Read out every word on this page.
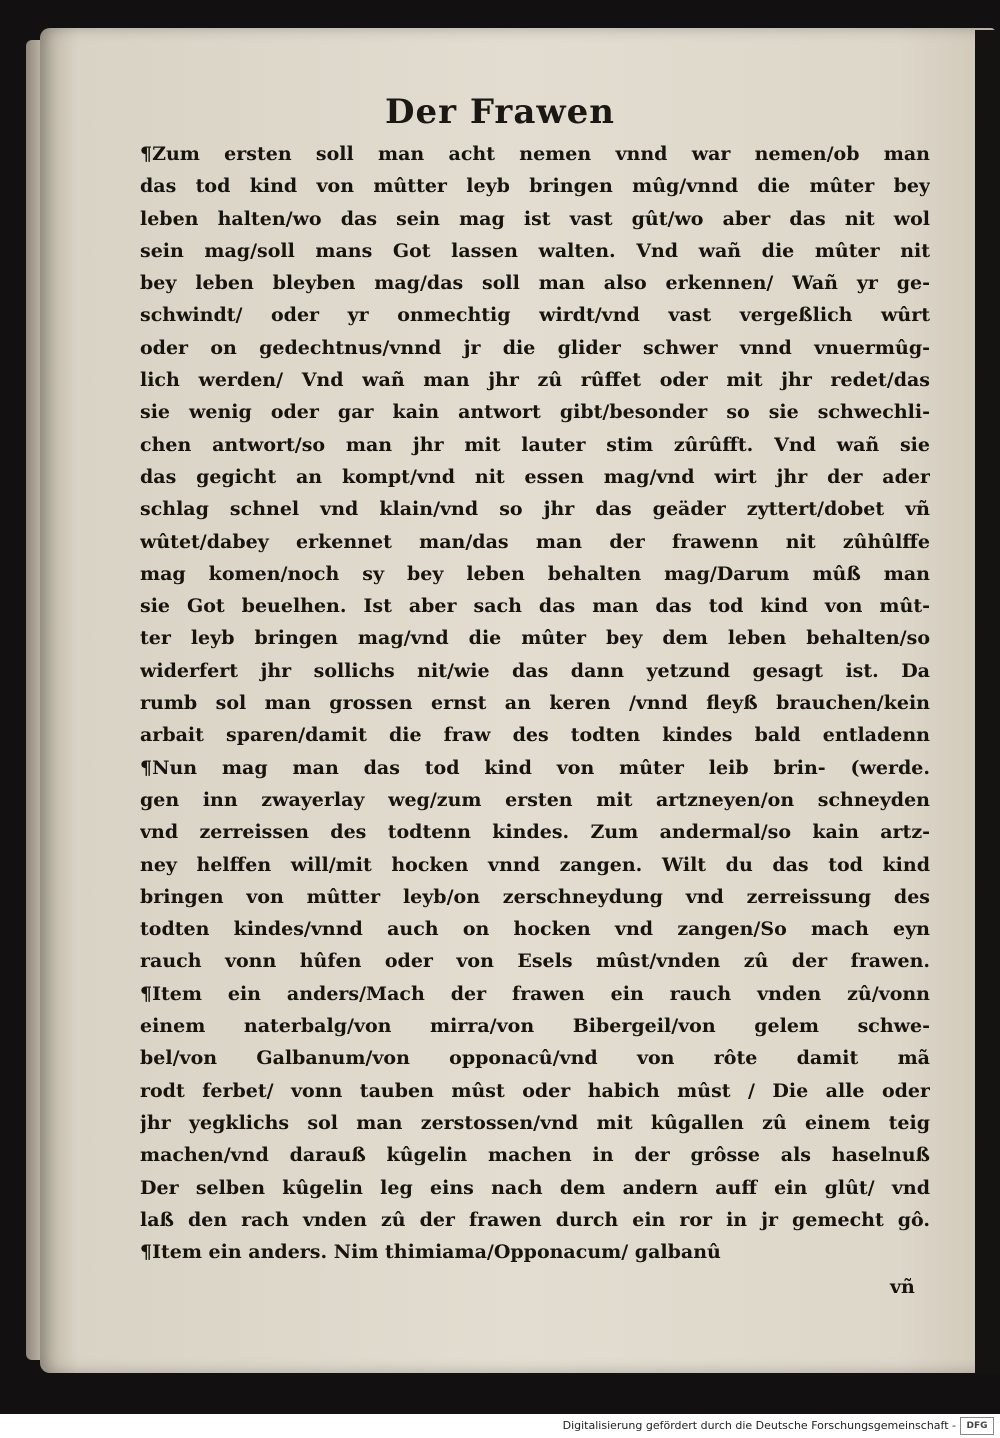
Der Frawen
¶Zum ersten soll man acht nemen vnnd war nemen/ob man
das tod kind von mûtter leyb bringen mûg/vnnd die mûter bey
leben halten/wo das sein mag ist vast gût/wo aber das nit wol
sein mag/soll mans Got lassen walten. Vnd wañ die mûter nit
bey leben bleyben mag/das soll man also erkennen/ Wañ yr ge-
schwindt/ oder yr onmechtig wirdt/vnd vast vergeßlich wûrt
oder on gedechtnus/vnnd jr die glider schwer vnnd vnuermûg-
lich werden/ Vnd wañ man jhr zû rûffet oder mit jhr redet/das
sie wenig oder gar kain antwort gibt/besonder so sie schwechli-
chen antwort/so man jhr mit lauter stim zûrûfft. Vnd wañ sie
das gegicht an kompt/vnd nit essen mag/vnd wirt jhr der ader
schlag schnel vnd klain/vnd so jhr das geäder zyttert/dobet vñ
wûtet/dabey erkennet man/das man der frawenn nit zûhûlffe
mag komen/noch sy bey leben behalten mag/Darum mûß man
sie Got beuelhen. Ist aber sach das man das tod kind von mût-
ter leyb bringen mag/vnd die mûter bey dem leben behalten/so
widerfert jhr sollichs nit/wie das dann yetzund gesagt ist. Da
rumb sol man grossen ernst an keren /vnnd fleyß brauchen/kein
arbait sparen/damit die fraw des todten kindes bald entladenn
¶Nun mag man das tod kind von mûter leib brin- (werde.
gen inn zwayerlay weg/zum ersten mit artzneyen/on schneyden
vnd zerreissen des todtenn kindes. Zum andermal/so kain artz-
ney helffen will/mit hocken vnnd zangen. Wilt du das tod kind
bringen von mûtter leyb/on zerschneydung vnd zerreissung des
todten kindes/vnnd auch on hocken vnd zangen/So mach eyn
rauch vonn hûfen oder von Esels mûst/vnden zû der frawen.
¶Item ein anders/Mach der frawen ein rauch vnden zû/vonn
einem naterbalg/von mirra/von Bibergeil/von gelem schwe-
bel/von Galbanum/von opponacû/vnd von rôte damit mã
rodt ferbet/ vonn tauben mûst oder habich mûst / Die alle oder
jhr yegklichs sol man zerstossen/vnd mit kûgallen zû einem teig
machen/vnd darauß kûgelin machen in der grôsse als haselnuß
Der selben kûgelin leg eins nach dem andern auff ein glût/ vnd
laß den rach vnden zû der frawen durch ein ror in jr gemecht gô.
¶Item ein anders. Nim thimiama/Opponacum/ galbanû
vñ
Digitalisierung gefördert durch die Deutsche Forschungsgemeinschaft -	DFG
